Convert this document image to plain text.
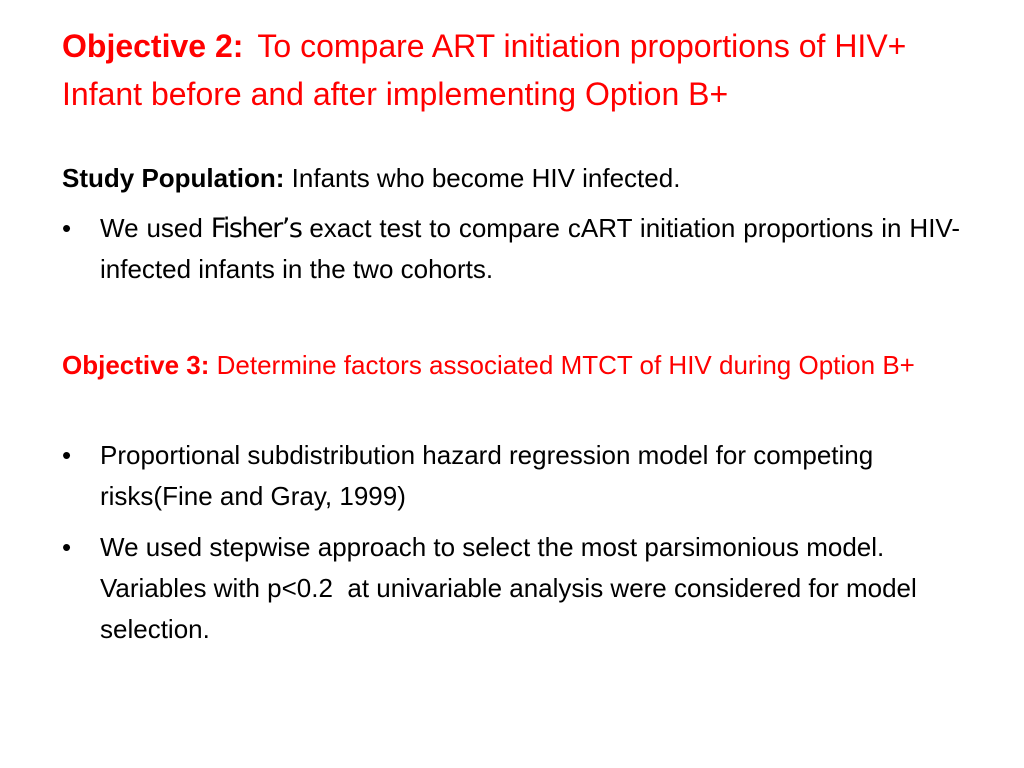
Objective 2: To compare ART initiation proportions of HIV+ Infant before and after implementing Option B+
Study Population: Infants who become HIV infected.
•	We used Fisher’s exact test to compare cART initiation proportions in HIV-infected infants in the two cohorts.
Objective 3: Determine factors associated MTCT of HIV during Option B+
•	Proportional subdistribution hazard regression model for competing risks(Fine and Gray, 1999)
•	We used stepwise approach to select the most parsimonious model. Variables with p<0.2  at univariable analysis were considered for model selection.
